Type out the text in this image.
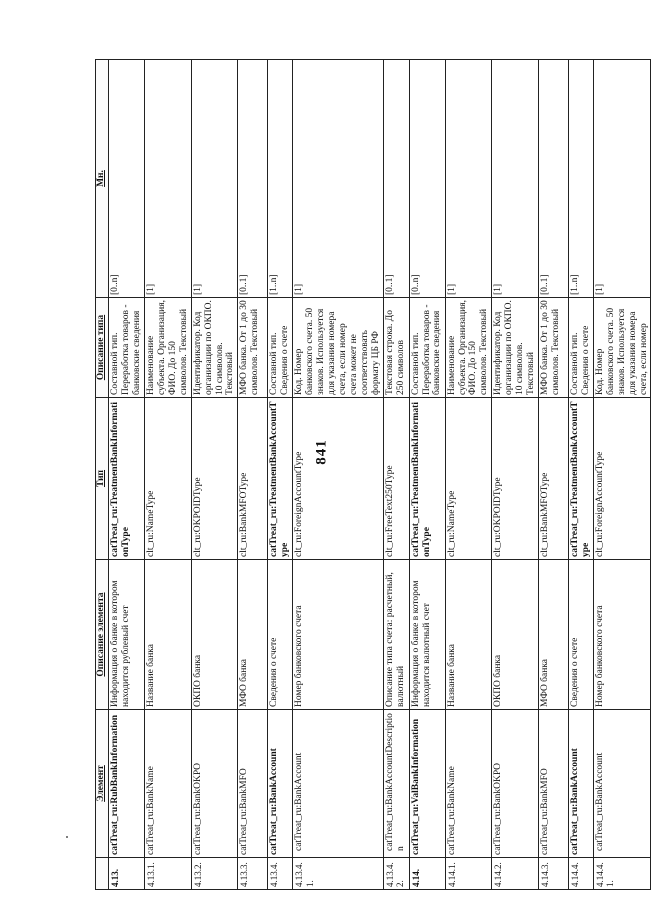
841
	Элемент	Описание элемента	Тип	Описание типа	Мн.
4.13.	catTreat_ru:RubBankInformation	Информация о банке в котором находится рублевый счет	catTreat_ru:TreatmentBankInformationType	Составной тип. Переработка товаров - банковские сведения	[0..n]
4.13.1.	catTreat_ru:BankName	Название банка	clt_ru:NameType	Наименование субъекта. Организация, ФИО. До 150 символов. Текстовый	[1]
4.13.2.	catTreat_ru:BankOKPO	ОКПО банка	clt_ru:OKPOIDType	Идентификатор. Код организации по ОКПО. 10 символов. Текстовый	[1]
4.13.3.	catTreat_ru:BankMFO	МФО банка	clt_ru:BankMFOType	МФО банка. От 1 до 30 символов. Текстовый	[0..1]
4.13.4.	catTreat_ru:BankAccount	Сведения о счете	catTreat_ru:TreatmentBankAccountType	Составной тип. Сведения о счете	[1..n]
4.13.4.1.	catTreat_ru:BankAccount	Номер банковского счета	clt_ru:ForeignAccountType	Код. Номер банковского счета. 50 знаков. Используется для указания номера счета, если номер счета может не соответствовать формату ЦБ РФ	[1]
4.13.4.2.	catTreat_ru:BankAccountDescription	Описание типа счета: расчетный, валютный	clt_ru:FreeText250Type	Текстовая строка. До 250 символов	[0..1]
4.14.	catTreat_ru:ValBankInformation	Информация о банке в котором находится валютный счет	catTreat_ru:TreatmentBankInformationType	Составной тип. Переработка товаров - банковские сведения	[0..n]
4.14.1.	catTreat_ru:BankName	Название банка	clt_ru:NameType	Наименование субъекта. Организация, ФИО. До 150 символов. Текстовый	[1]
4.14.2.	catTreat_ru:BankOKPO	ОКПО банка	clt_ru:OKPOIDType	Идентификатор. Код организации по ОКПО. 10 символов. Текстовый	[1]
4.14.3.	catTreat_ru:BankMFO	МФО банка	clt_ru:BankMFOType	МФО банка. От 1 до 30 символов. Текстовый	[0..1]
4.14.4.	catTreat_ru:BankAccount	Сведения о счете	catTreat_ru:TreatmentBankAccountType	Составной тип. Сведения о счете	[1..n]
4.14.4.1.	catTreat_ru:BankAccount	Номер банковского счета	clt_ru:ForeignAccountType	Код. Номер банковского счета. 50 знаков. Используется для указания номера счета, если номер	[1]
